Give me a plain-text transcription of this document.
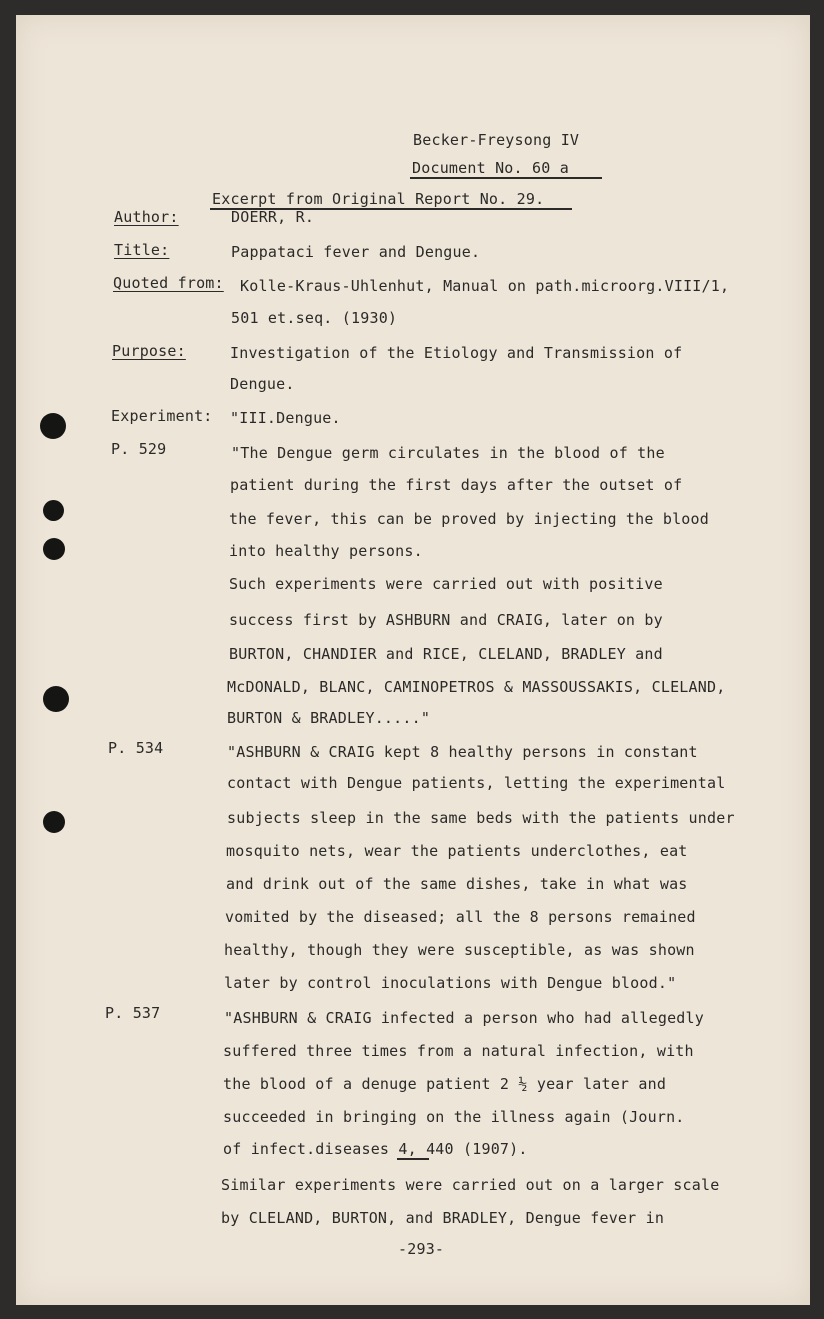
Becker-Freysong IV
Document No. 60 a
Excerpt from Original Report No. 29.
Author:	DOERR, R.
Title:	Pappataci fever and Dengue.
Quoted from: Kolle-Kraus-Uhlenhut, Manual on path.microorg.VIII/1,
501 et.seq. (1930)
Purpose:	Investigation of the Etiology and Transmission of
Dengue.
Experiment: "III.Dengue.
P. 529	"The Dengue germ circulates in the blood of the
patient during the first days after the outset of
the fever, this can be proved by injecting the blood
into healthy persons.
Such experiments were carried out with positive
success first by ASHBURN and CRAIG, later on by
BURTON, CHANDIER and RICE, CLELAND, BRADLEY and
McDONALD, BLANC, CAMINOPETROS & MASSOUSSAKIS, CLELAND,
BURTON & BRADLEY....."
P. 534	"ASHBURN & CRAIG kept 8 healthy persons in constant
contact with Dengue patients, letting the experimental
subjects sleep in the same beds with the patients under
mosquito nets, wear the patients underclothes, eat
and drink out of the same dishes, take in what was
vomited by the diseased; all the 8 persons remained
healthy, though they were susceptible, as was shown
later by control inoculations with Dengue blood."
P. 537	"ASHBURN & CRAIG infected a person who had allegedly
suffered three times from a natural infection, with
the blood of a denuge patient 2 ½ year later and
succeeded in bringing on the illness again (Journ.
of infect.diseases 4, 440 (1907).
Similar experiments were carried out on a larger scale
by CLELAND, BURTON, and BRADLEY, Dengue fever in
-293-
